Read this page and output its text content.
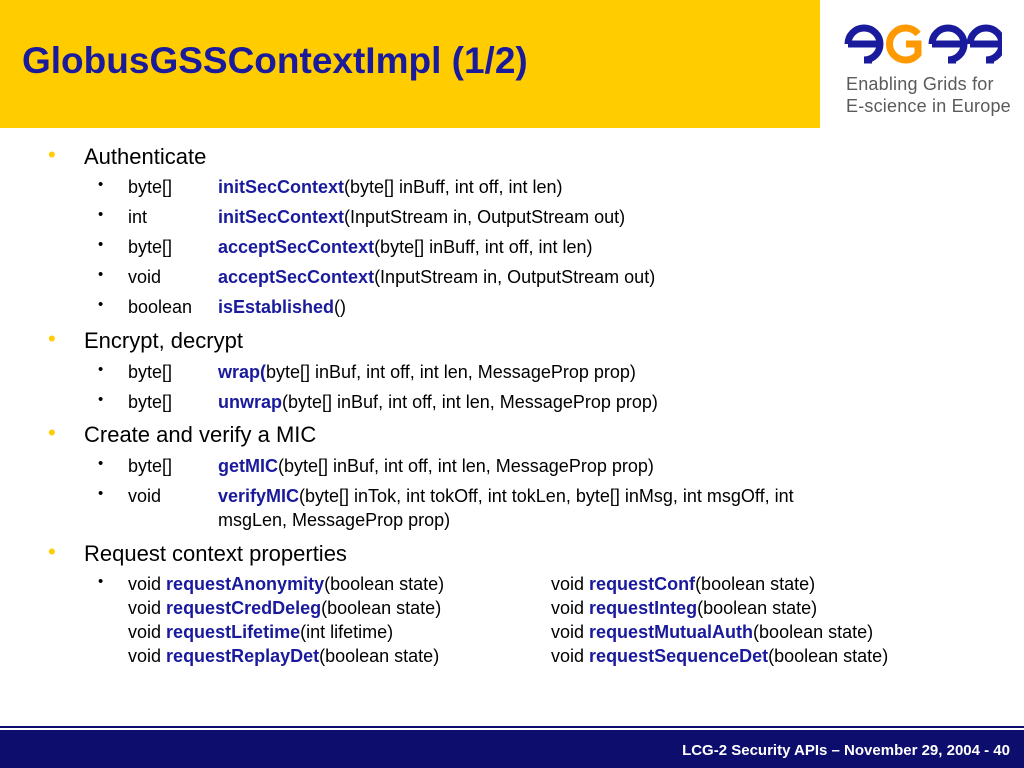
GlobusGSSContextImpl (1/2)
Enabling Grids for
E-science in Europe
• Authenticate
• byte[]	initSecContext(byte[] inBuff, int off, int len)
• int	initSecContext(InputStream in, OutputStream out)
• byte[]	acceptSecContext(byte[] inBuff, int off, int len)
• void	acceptSecContext(InputStream in, OutputStream out)
• boolean isEstablished()
• Encrypt, decrypt
• byte[]	wrap(byte[] inBuf, int off, int len, MessageProp prop)
• byte[]	unwrap(byte[] inBuf, int off, int len, MessageProp prop)
• Create and verify a MIC
• byte[]	getMIC(byte[] inBuf, int off, int len, MessageProp prop)
• void	verifyMIC(byte[] inTok, int tokOff, int tokLen, byte[] inMsg, int msgOff, int
msgLen, MessageProp prop)
• Request context properties
• void requestAnonymity(boolean state)	void requestConf(boolean state)
void requestCredDeleg(boolean state)	void requestInteg(boolean state)
void requestLifetime(int lifetime)	void requestMutualAuth(boolean state)
void requestReplayDet(boolean state)	void requestSequenceDet(boolean state)
LCG-2 Security APIs – November 29, 2004 - 40
